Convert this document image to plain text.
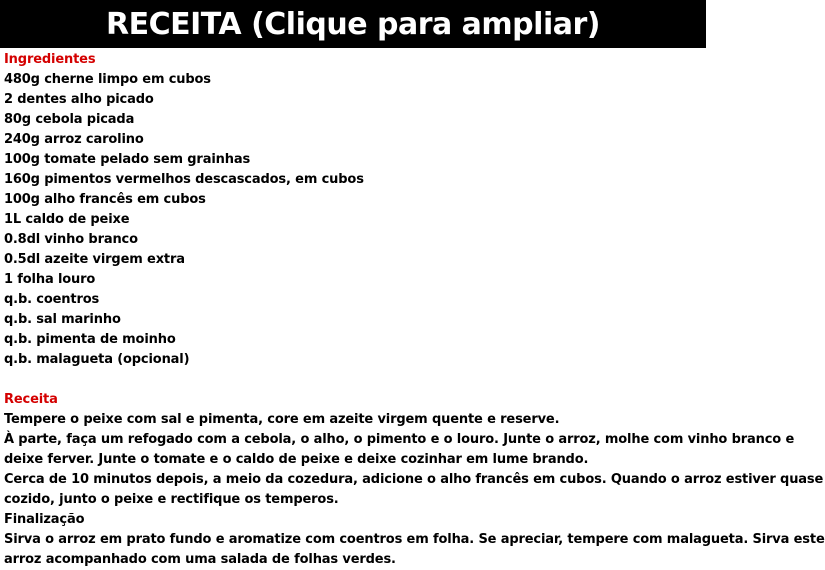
RECEITA (Clique para ampliar)
Ingredientes
480g cherne limpo em cubos
2 dentes alho picado
80g cebola picada
240g arroz carolino
100g tomate pelado sem grainhas
160g pimentos vermelhos descascados, em cubos
100g alho francês em cubos
1L caldo de peixe
0.8dl vinho branco
0.5dl azeite virgem extra
1 folha louro
q.b. coentros
q.b. sal marinho
q.b. pimenta de moinho
q.b. malagueta (opcional)
Receita
Tempere o peixe com sal e pimenta, core em azeite virgem quente e reserve.
À parte, faça um refogado com a cebola, o alho, o pimento e o louro. Junte o arroz, molhe com vinho branco e
deixe ferver. Junte o tomate e o caldo de peixe e deixe cozinhar em lume brando.
Cerca de 10 minutos depois, a meio da cozedura, adicione o alho francês em cubos. Quando o arroz estiver quase
cozido, junto o peixe e rectifique os temperos.
Finalização
Sirva o arroz em prato fundo e aromatize com coentros em folha. Se apreciar, tempere com malagueta. Sirva este
arroz acompanhado com uma salada de folhas verdes.
